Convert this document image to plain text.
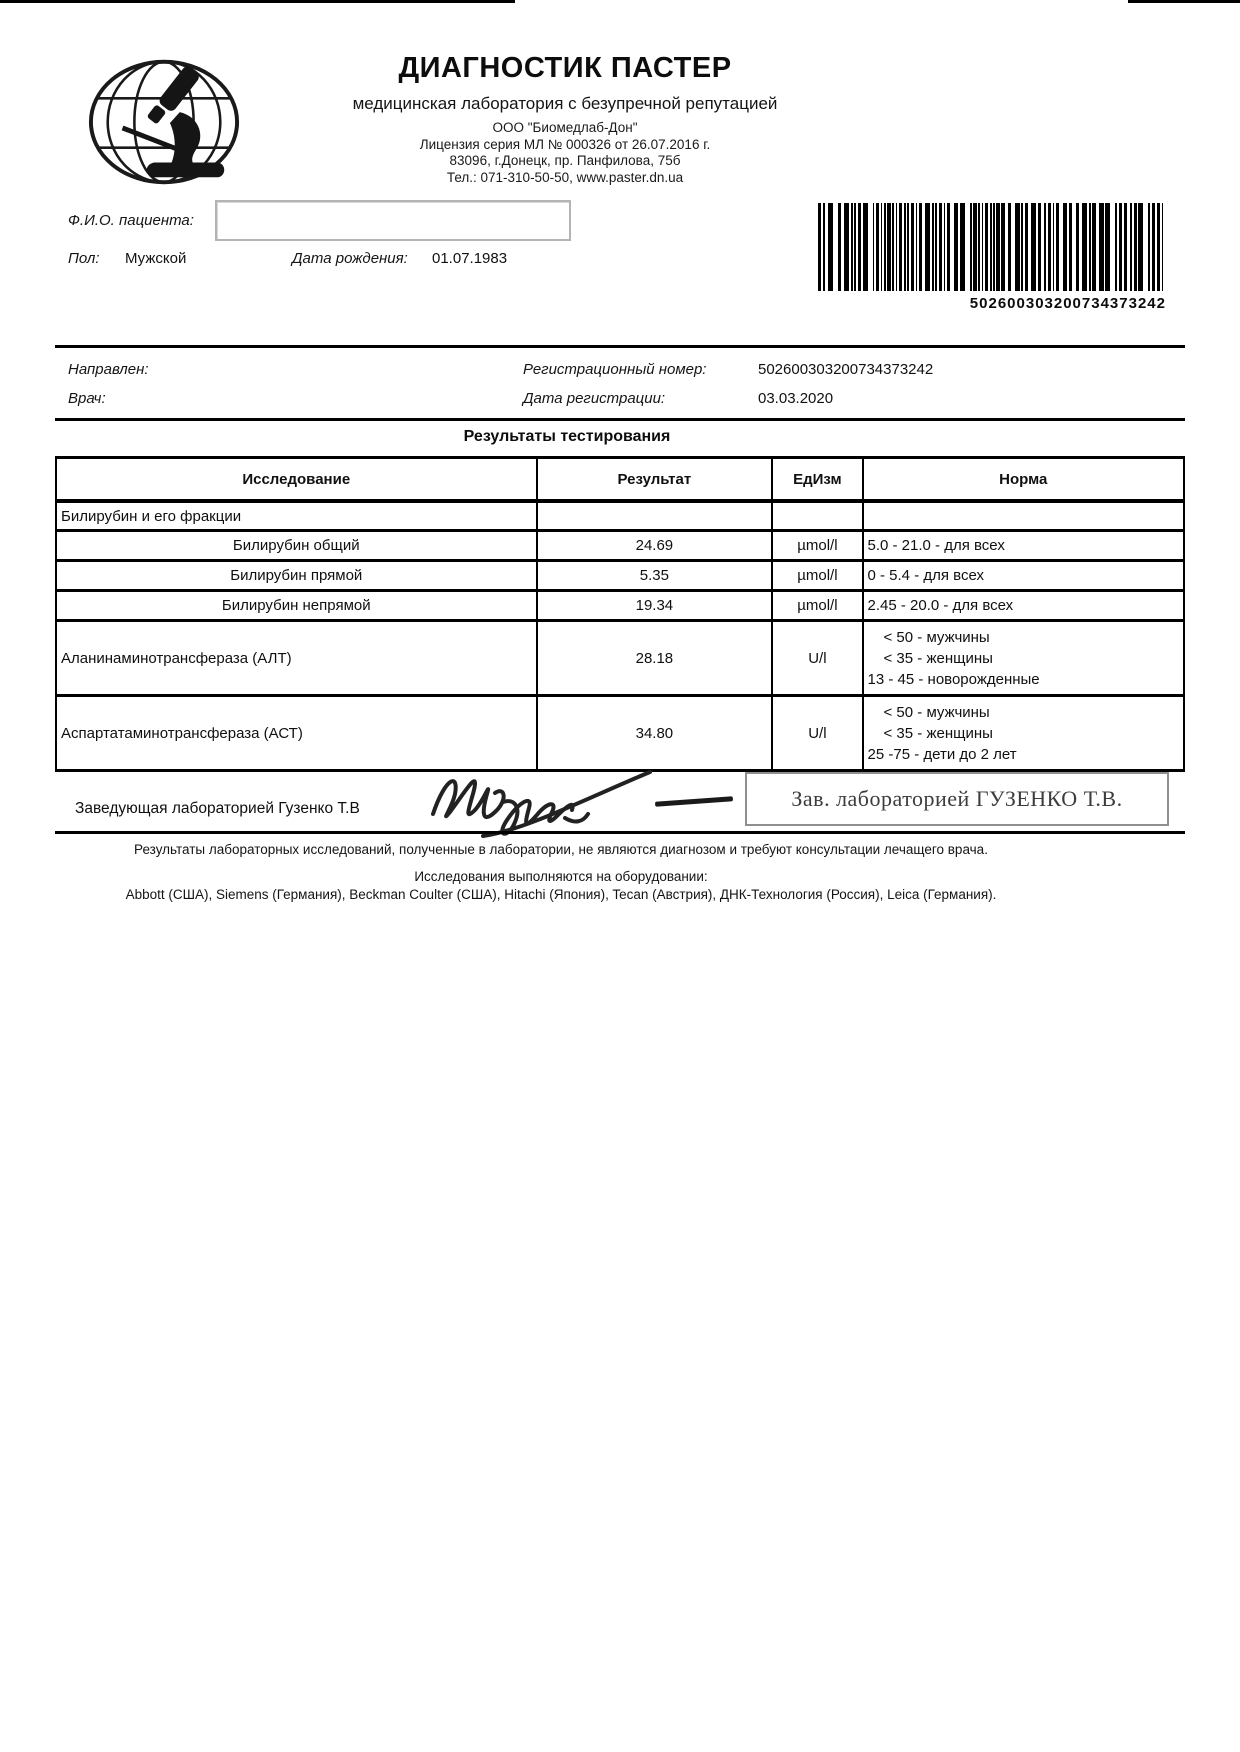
ДИАГНОСТИК ПАСТЕР
медицинская лаборатория с безупречной репутацией
ООО "Биомедлаб-Дон"
Лицензия серия МЛ № 000326 от 26.07.2016 г.
83096, г.Донецк, пр. Панфилова, 75б
Тел.: 071-310-50-50, www.paster.dn.ua
Ф.И.О. пациента:
Пол: Мужской	Дата рождения: 01.07.1983
502600303200734373242
Направлен:
Врач:
Регистрационный номер:	502600303200734373242
Дата регистрации:	03.03.2020
Результаты тестирования
Исследование	Результат	ЕдИзм	Норма
Билирубин и его фракции			
Билирубин общий	24.69	µmol/l	5.0 - 21.0 - для всех
Билирубин прямой	5.35	µmol/l	0 - 5.4 - для всех
Билирубин непрямой	19.34	µmol/l	2.45 - 20.0 - для всех
Аланинаминотрансфераза (АЛТ)	28.18	U/l	< 50 - мужчины
< 35 - женщины
13 - 45 - новорожденные

Аспартатаминотрансфераза (АСТ)	34.80	U/l	< 50 - мужчины
< 35 - женщины
25 -75 - дети до 2 лет
Заведующая лабораторией Гузенко Т.В	Зав. лабораторией ГУЗЕНКО Т.В.
Результаты лабораторных исследований, полученные в лаборатории, не являются диагнозом и требуют консультации лечащего врача.
Исследования выполняются на оборудовании:
Abbott (США), Siemens (Германия), Beckman Coulter (США), Hitachi (Япония), Tecan (Австрия), ДНК-Технология (Россия), Leica (Германия).
